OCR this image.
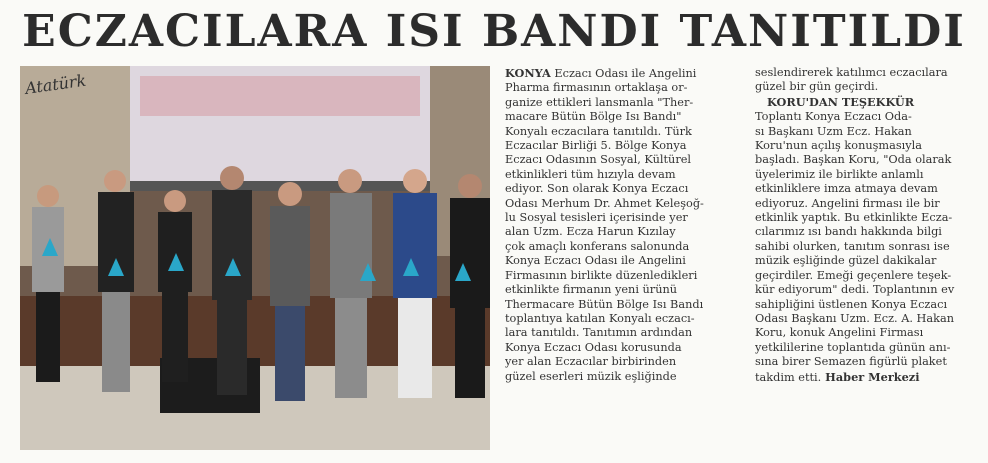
ECZACILARA ISI BANDI TANITILDI
Atatürk	KONYA Eczacı Odası ile Angelini
Pharma firmasının ortaklaşa or-
ganize ettikleri lansmanla "Ther-
macare Bütün Bölge Isı Bandı"
Konyalı eczacılara tanıtıldı. Türk
Eczacılar Birliği 5. Bölge Konya
Eczacı Odasının Sosyal, Kültürel
etkinlikleri tüm hızıyla devam
ediyor. Son olarak Konya Eczacı
Odası Merhum Dr. Ahmet Keleşoğ-
lu Sosyal tesisleri içerisinde yer
alan Uzm. Ecza Harun Kızılay
çok amaçlı konferans salonunda
Konya Eczacı Odası ile Angelini
Firmasının birlikte düzenledikleri
etkinlikte firmanın yeni ürünü
Thermacare Bütün Bölge Isı Bandı
toplantıya katılan Konyalı eczacı-
lara tanıtıldı. Tanıtımın ardından
Konya Eczacı Odası korusunda
yer alan Eczacılar birbirinden
güzel eserleri müzik eşliğinde
seslendirerek katılımcı eczacılara
güzel bir gün geçirdi.
KORU'DAN TEŞEKKÜR
Toplantı Konya Eczacı Oda-
sı Başkanı Uzm Ecz. Hakan
Koru'nun açılış konuşmasıyla
başladı. Başkan Koru, "Oda olarak
üyelerimiz ile birlikte anlamlı
etkinliklere imza atmaya devam
ediyoruz. Angelini firması ile bir
etkinlik yaptık. Bu etkinlikte Ecza-
cılarımız ısı bandı hakkında bilgi
sahibi olurken, tanıtım sonrası ise
müzik eşliğinde güzel dakikalar
geçirdiler. Emeği geçenlere teşek-
kür ediyorum" dedi. Toplantının ev
sahipliğini üstlenen Konya Eczacı
Odası Başkanı Uzm. Ecz. A. Hakan
Koru, konuk Angelini Firması
yetkililerine toplantıda günün anı-
sına birer Semazen figürlü plaket
takdim etti. Haber Merkezi
